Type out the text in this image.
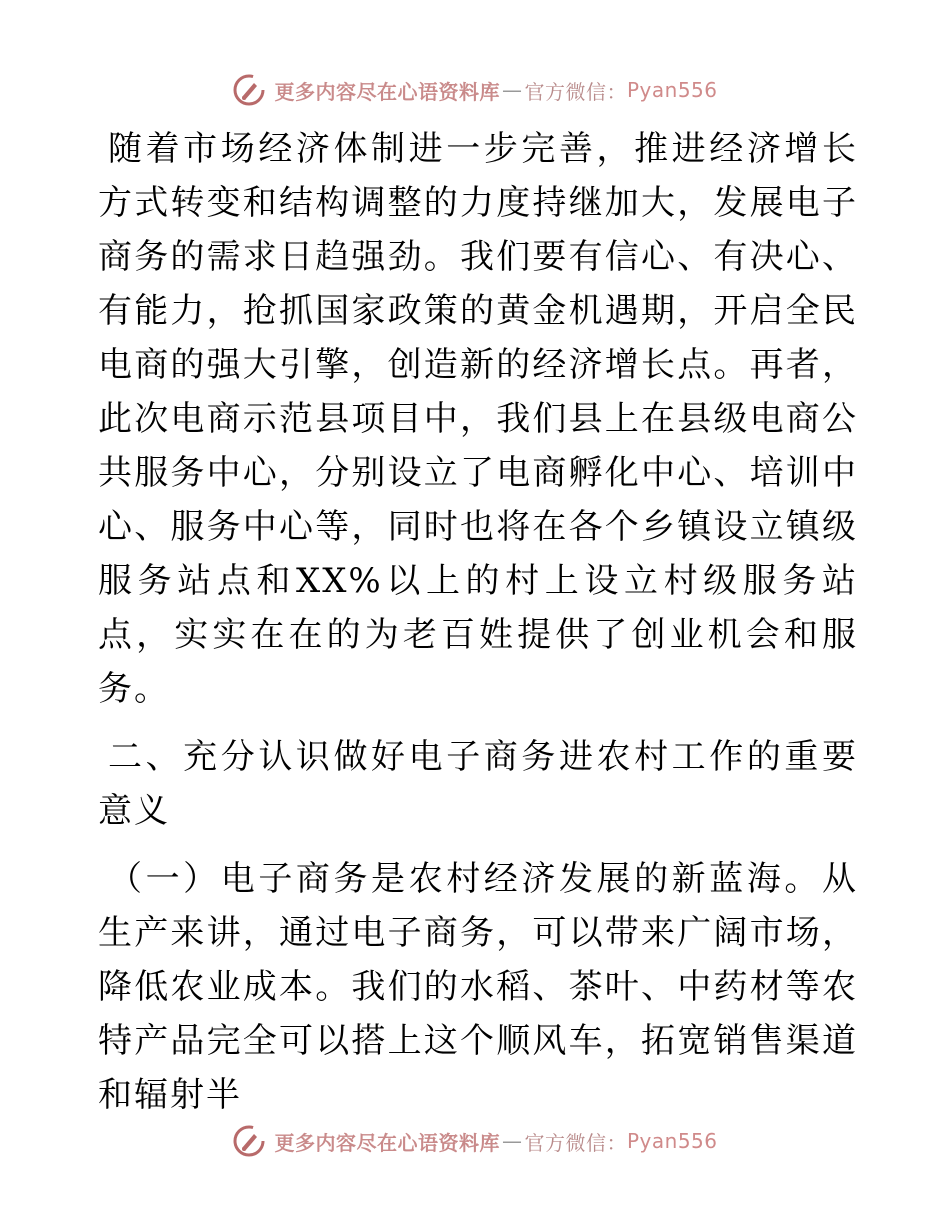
更多内容尽在心语资料库 — 官方微信： Pyan556

随着市场经济体制进一步完善，推进经济增长方式转变和结构调整的力度持继加大，发展电子商务的需求日趋强劲。我们要有信心、有决心、有能力，抢抓国家政策的黄金机遇期，开启全民电商的强大引擎，创造新的经济增长点。再者，此次电商示范县项目中，我们县上在县级电商公共服务中心，分别设立了电商孵化中心、培训中心、服务中心等，同时也将在各个乡镇设立镇级服务站点和XX%以上的村上设立村级服务站点，实实在在的为老百姓提供了创业机会和服务。

二、充分认识做好电子商务进农村工作的重要意义

（一）电子商务是农村经济发展的新蓝海。从生产来讲，通过电子商务，可以带来广阔市场，降低农业成本。我们的水稻、茶叶、中药材等农特产品完全可以搭上这个顺风车，拓宽销售渠道和辐射半

更多内容尽在心语资料库 — 官方微信： Pyan556
